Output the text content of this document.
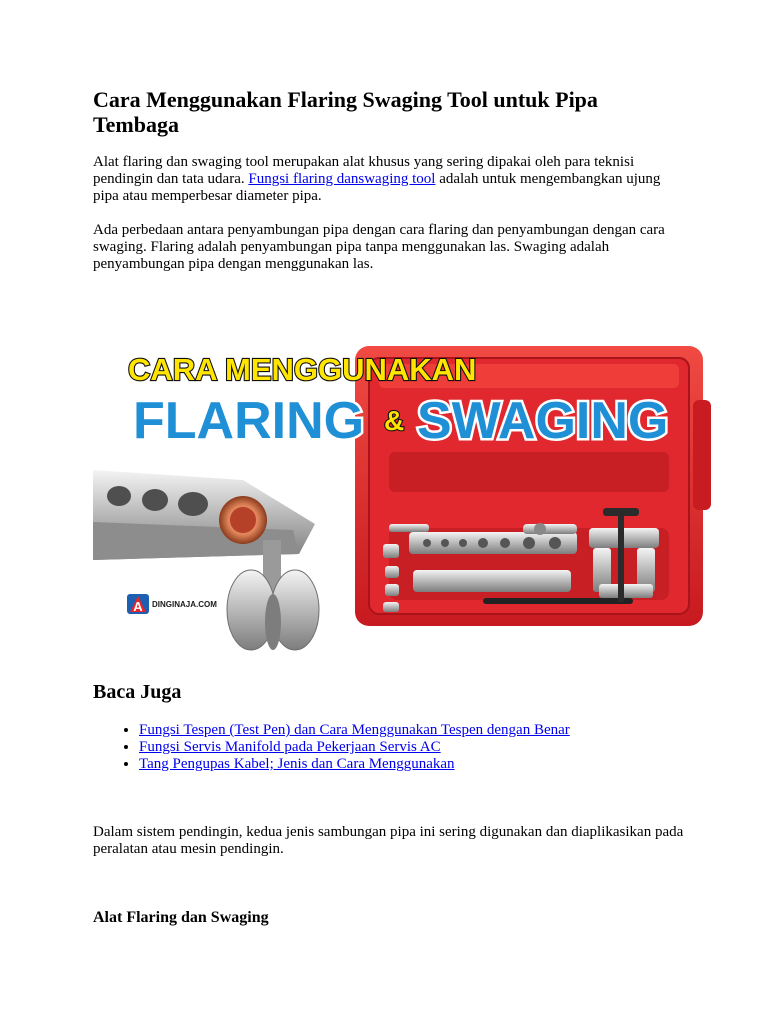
Cara Menggunakan Flaring Swaging Tool untuk Pipa Tembaga

Alat flaring dan swaging tool merupakan alat khusus yang sering dipakai oleh para teknisi pendingin dan tata udara. Fungsi flaring danswaging tool adalah untuk mengembangkan ujung pipa atau memperbesar diameter pipa.

Ada perbedaan antara penyambungan pipa dengan cara flaring dan penyambungan dengan cara swaging. Flaring adalah penyambungan pipa tanpa menggunakan las. Swaging adalah penyambungan pipa dengan menggunakan las.

CARA MENGGUNAKAN
FLARING & SWAGING
A DINGINAJA.COM
Baca Juga
• Fungsi Tespen (Test Pen) dan Cara Menggunakan Tespen dengan Benar
• Fungsi Servis Manifold pada Pekerjaan Servis AC
• Tang Pengupas Kabel; Jenis dan Cara Menggunakan

Dalam sistem pendingin, kedua jenis sambungan pipa ini sering digunakan dan diaplikasikan pada peralatan atau mesin pendingin.

Alat Flaring dan Swaging
